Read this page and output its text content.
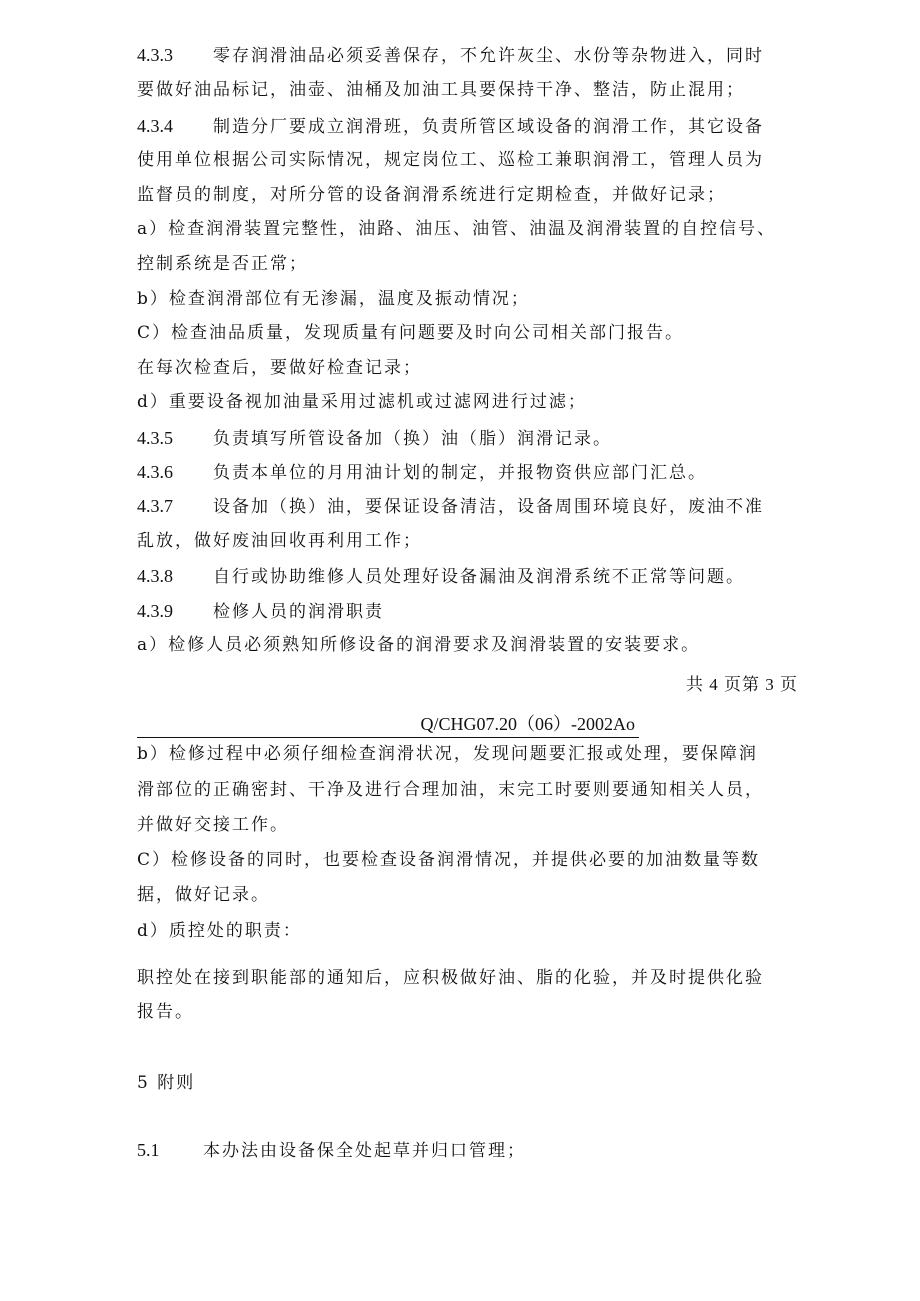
4.3.3 零存润滑油品必须妥善保存，不允许灰尘、水份等杂物进入，同时
要做好油品标记，油壶、油桶及加油工具要保持干净、整洁，防止混用；
4.3.4 制造分厂要成立润滑班，负责所管区域设备的润滑工作，其它设备
使用单位根据公司实际情况，规定岗位工、巡检工兼职润滑工，管理人员为
监督员的制度，对所分管的设备润滑系统进行定期检查，并做好记录；
a）检查润滑装置完整性，油路、油压、油管、油温及润滑装置的自控信号、
控制系统是否正常；
b）检查润滑部位有无渗漏，温度及振动情况；
C）检查油品质量，发现质量有问题要及时向公司相关部门报告。
在每次检查后，要做好检查记录；
d）重要设备视加油量采用过滤机或过滤网进行过滤；
4.3.5 负责填写所管设备加（换）油（脂）润滑记录。
4.3.6 负责本单位的月用油计划的制定，并报物资供应部门汇总。
4.3.7 设备加（换）油，要保证设备清洁，设备周围环境良好，废油不准
乱放，做好废油回收再利用工作；
4.3.8 自行或协助维修人员处理好设备漏油及润滑系统不正常等问题。
4.3.9 检修人员的润滑职责
a）检修人员必须熟知所修设备的润滑要求及润滑装置的安装要求。
共 4 页第 3 页
Q/CHG07.20（06）-2002Ao
b）检修过程中必须仔细检查润滑状况，发现问题要汇报或处理，要保障润
滑部位的正确密封、干净及进行合理加油，末完工时要则要通知相关人员，
并做好交接工作。
C）检修设备的同时，也要检查设备润滑情况，并提供必要的加油数量等数
据，做好记录。
d）质控处的职责：
职控处在接到职能部的通知后，应积极做好油、脂的化验，并及时提供化验
报告。
5 附则
5.1	本办法由设备保全处起草并归口管理；
